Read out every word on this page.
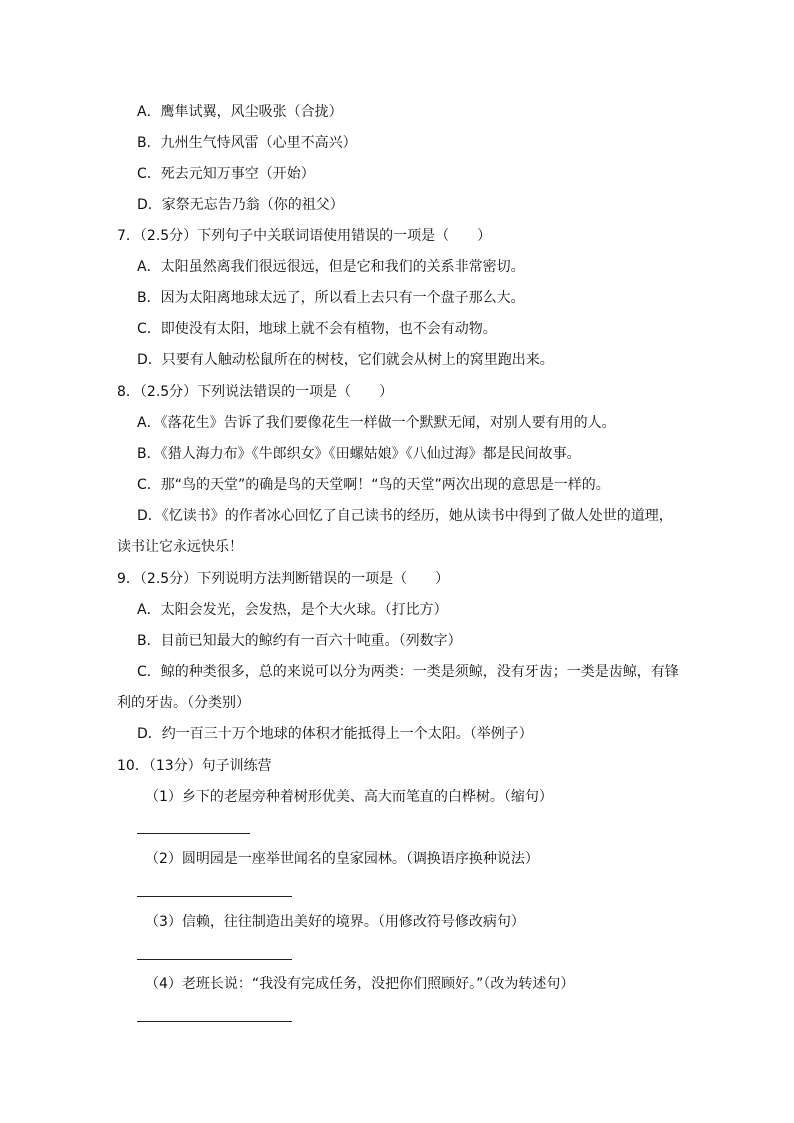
A．鹰隼试翼，风尘吸张（合拢）
B．九州生气恃风雷（心里不高兴）
C．死去元知万事空（开始）
D．家祭无忘告乃翁（你的祖父）
7．（2.5分）下列句子中关联词语使用错误的一项是（　　）
A．太阳虽然离我们很远很远，但是它和我们的关系非常密切。
B．因为太阳离地球太远了，所以看上去只有一个盘子那么大。
C．即使没有太阳，地球上就不会有植物，也不会有动物。
D．只要有人触动松鼠所在的树枝，它们就会从树上的窝里跑出来。
8．（2.5分）下列说法错误的一项是（　　）
A．《落花生》告诉了我们要像花生一样做一个默默无闻，对别人要有用的人。
B．《猎人海力布》《牛郎织女》《田螺姑娘》《八仙过海》都是民间故事。
C．那“鸟的天堂”的确是鸟的天堂啊！“鸟的天堂”两次出现的意思是一样的。
D．《忆读书》的作者冰心回忆了自己读书的经历，她从读书中得到了做人处世的道理，
读书让它永远快乐！
9．（2.5分）下列说明方法判断错误的一项是（　　）
A．太阳会发光，会发热，是个大火球。（打比方）
B．目前已知最大的鲸约有一百六十吨重。（列数字）
C．鲸的种类很多，总的来说可以分为两类：一类是须鲸，没有牙齿；一类是齿鲸，有锋
利的牙齿。（分类别）
D．约一百三十万个地球的体积才能抵得上一个太阳。（举例子）
10．（13分）句子训练营
（1）乡下的老屋旁种着树形优美、高大而笔直的白桦树。（缩句）
（2）圆明园是一座举世闻名的皇家园林。（调换语序换种说法）
（3）信赖，往往制造出美好的境界。（用修改符号修改病句）
（4）老班长说：“我没有完成任务，没把你们照顾好。”（改为转述句）
